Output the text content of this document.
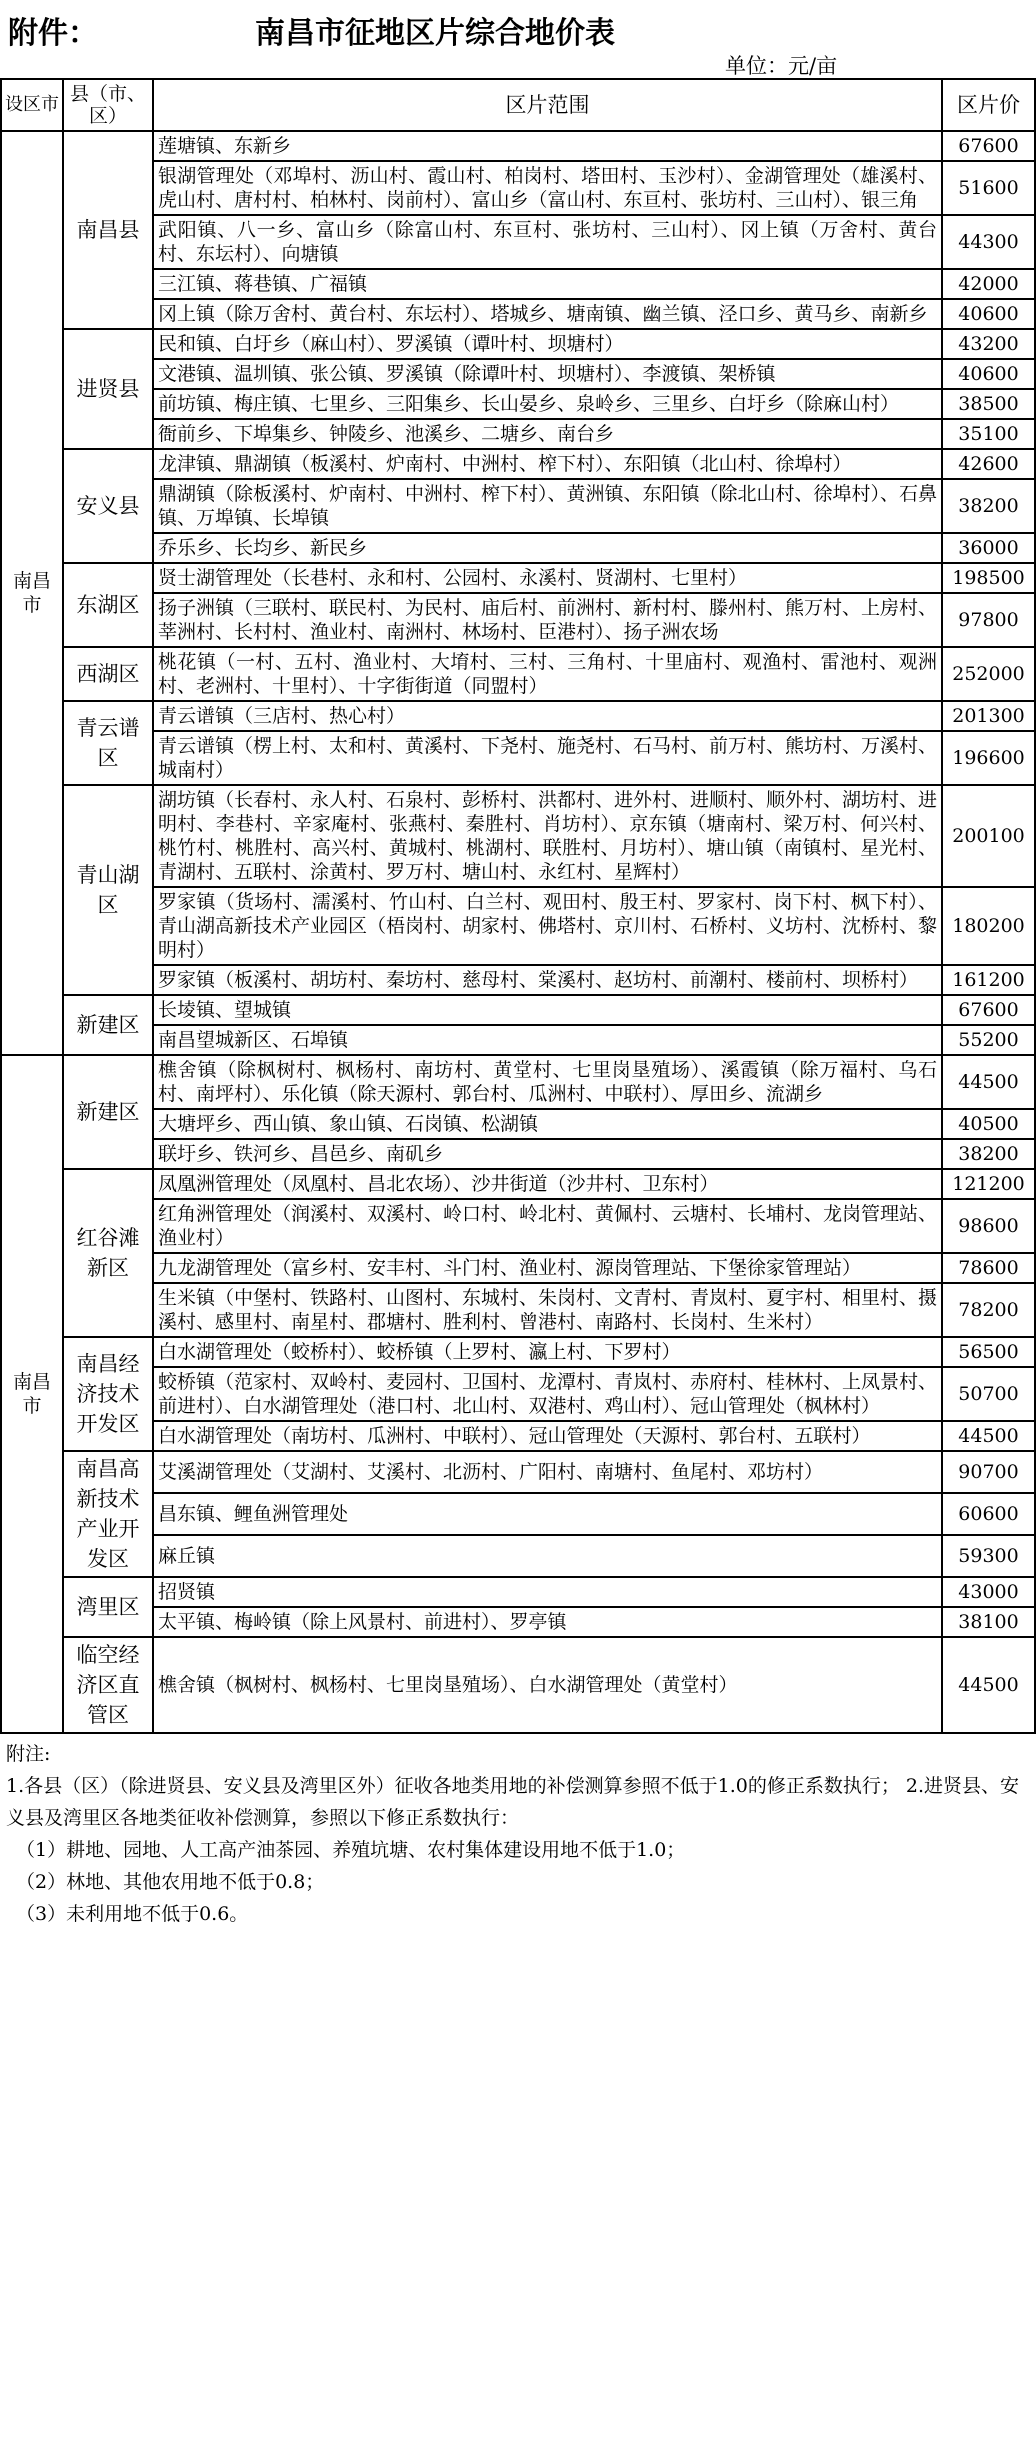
附件：	南昌市征地区片综合地价表
单位：元/亩
设区市	县（市、区）	区片范围	区片价
南昌市	南昌县	莲塘镇、东新乡	67600
		银湖管理处（邓埠村、沥山村、霞山村、柏岗村、塔田村、玉沙村）、金湖管理处（雄溪村、虎山村、唐村村、柏林村、岗前村）、富山乡（富山村、东亘村、张坊村、三山村）、银三角	51600
		武阳镇、八一乡、富山乡（除富山村、东亘村、张坊村、三山村）、冈上镇（万舍村、黄台村、东坛村）、向塘镇	44300
		三江镇、蒋巷镇、广福镇	42000
		冈上镇（除万舍村、黄台村、东坛村）、塔城乡、塘南镇、幽兰镇、泾口乡、黄马乡、南新乡	40600
	进贤县	民和镇、白圩乡（麻山村）、罗溪镇（谭叶村、坝塘村）	43200
		文港镇、温圳镇、张公镇、罗溪镇（除谭叶村、坝塘村）、李渡镇、架桥镇	40600
		前坊镇、梅庄镇、七里乡、三阳集乡、长山晏乡、泉岭乡、三里乡、白圩乡（除麻山村）	38500
		衙前乡、下埠集乡、钟陵乡、池溪乡、二塘乡、南台乡	35100
	安义县	龙津镇、鼎湖镇（板溪村、炉南村、中洲村、榨下村）、东阳镇（北山村、徐埠村）	42600
		鼎湖镇（除板溪村、炉南村、中洲村、榨下村）、黄洲镇、东阳镇（除北山村、徐埠村）、石鼻镇、万埠镇、长埠镇	38200
		乔乐乡、长均乡、新民乡	36000
	东湖区	贤士湖管理处（长巷村、永和村、公园村、永溪村、贤湖村、七里村）	198500
		扬子洲镇（三联村、联民村、为民村、庙后村、前洲村、新村村、滕州村、熊万村、上房村、莘洲村、长村村、渔业村、南洲村、林场村、臣港村）、扬子洲农场	97800
	西湖区	桃花镇（一村、五村、渔业村、大堉村、三村、三角村、十里庙村、观渔村、雷池村、观洲村、老洲村、十里村）、十字街街道（同盟村）	252000
	青云谱区	青云谱镇（三店村、热心村）	201300
		青云谱镇（楞上村、太和村、黄溪村、下尧村、施尧村、石马村、前万村、熊坊村、万溪村、城南村）	196600
	青山湖区	湖坊镇（长春村、永人村、石泉村、彭桥村、洪都村、进外村、进顺村、顺外村、湖坊村、进明村、李巷村、辛家庵村、张燕村、秦胜村、肖坊村）、京东镇（塘南村、梁万村、何兴村、桃竹村、桃胜村、高兴村、黄城村、桃湖村、联胜村、月坊村）、塘山镇（南镇村、星光村、青湖村、五联村、涂黄村、罗万村、塘山村、永红村、星辉村）	200100
		罗家镇（货场村、濡溪村、竹山村、白兰村、观田村、殷王村、罗家村、岗下村、枫下村）、青山湖高新技术产业园区（梧岗村、胡家村、佛塔村、京川村、石桥村、义坊村、沈桥村、黎明村）	180200
		罗家镇（板溪村、胡坊村、秦坊村、慈母村、棠溪村、赵坊村、前潮村、楼前村、坝桥村）	161200
	新建区	长堎镇、望城镇	67600
		南昌望城新区、石埠镇	55200
南昌市	新建区	樵舍镇（除枫树村、枫杨村、南坊村、黄堂村、七里岗垦殖场）、溪霞镇（除万福村、乌石村、南坪村）、乐化镇（除天源村、郭台村、瓜洲村、中联村）、厚田乡、流湖乡	44500
		大塘坪乡、西山镇、象山镇、石岗镇、松湖镇	40500
		联圩乡、铁河乡、昌邑乡、南矶乡	38200
	红谷滩新区	凤凰洲管理处（凤凰村、昌北农场）、沙井街道（沙井村、卫东村）	121200
		红角洲管理处（润溪村、双溪村、岭口村、岭北村、黄佩村、云塘村、长埔村、龙岗管理站、渔业村）	98600
		九龙湖管理处（富乡村、安丰村、斗门村、渔业村、源岗管理站、下堡徐家管理站）	78600
		生米镇（中堡村、铁路村、山图村、东城村、朱岗村、文青村、青岚村、夏宇村、相里村、摄溪村、感里村、南星村、郡塘村、胜利村、曾港村、南路村、长岗村、生米村）	78200
	南昌经济技术开发区	白水湖管理处（蛟桥村）、蛟桥镇（上罗村、瀛上村、下罗村）	56500
		蛟桥镇（范家村、双岭村、麦园村、卫国村、龙潭村、青岚村、赤府村、桂林村、上凤景村、前进村）、白水湖管理处（港口村、北山村、双港村、鸡山村）、冠山管理处（枫林村）	50700
		白水湖管理处（南坊村、瓜洲村、中联村）、冠山管理处（天源村、郭台村、五联村）	44500
	南昌高新技术产业开发区	艾溪湖管理处（艾湖村、艾溪村、北沥村、广阳村、南塘村、鱼尾村、邓坊村）	90700
		昌东镇、鲤鱼洲管理处	60600
		麻丘镇	59300
	湾里区	招贤镇	43000
		太平镇、梅岭镇（除上风景村、前进村）、罗亭镇	38100
	临空经济区直管区	樵舍镇（枫树村、枫杨村、七里岗垦殖场）、白水湖管理处（黄堂村）	44500
附注:
1.各县（区）（除进贤县、安义县及湾里区外）征收各地类用地的补偿测算参照不低于1.0的修正系数执行； 2.进贤县、安义县及湾里区各地类征收补偿测算，参照以下修正系数执行：
（1）耕地、园地、人工高产油茶园、养殖坑塘、农村集体建设用地不低于1.0；
（2）林地、其他农用地不低于0.8；
（3）未利用地不低于0.6。
